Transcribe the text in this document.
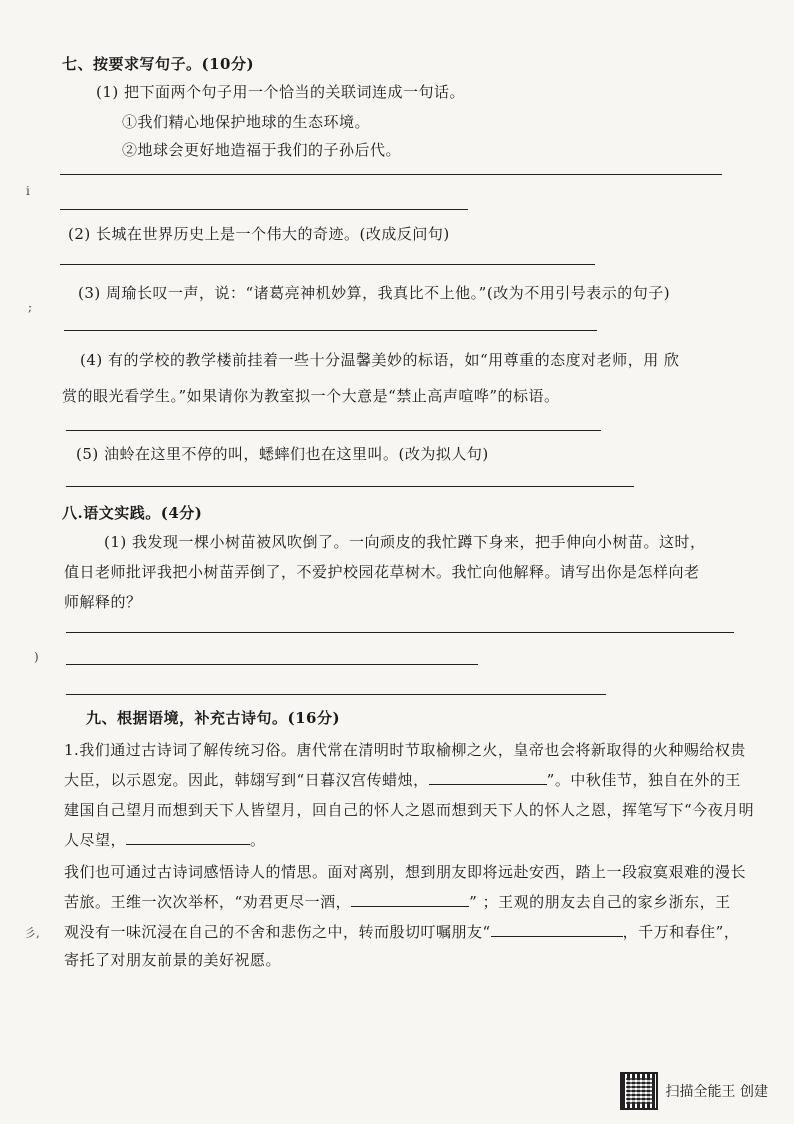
七、按要求写句子。(10分)
(1) 把下面两个句子用一个恰当的关联词连成一句话。
①我们精心地保护地球的生态环境。
②地球会更好地造福于我们的子孙后代。
(2) 长城在世界历史上是一个伟大的奇迹。(改成反问句)
(3) 周瑜长叹一声，说：“诸葛亮神机妙算，我真比不上他。”(改为不用引号表示的句子)
(4) 有的学校的教学楼前挂着一些十分温馨美妙的标语，如“用尊重的态度对老师，用 欣
赏的眼光看学生。”如果请你为教室拟一个大意是“禁止高声喧哗”的标语。
(5) 油蛉在这里不停的叫，蟋蟀们也在这里叫。(改为拟人句)
八.语文实践。(4分)
(1) 我发现一棵小树苗被风吹倒了。一向顽皮的我忙蹲下身来，把手伸向小树苗。这时，
值日老师批评我把小树苗弄倒了，不爱护校园花草树木。我忙向他解释。请写出你是怎样向老
师解释的？
九、根据语境，补充古诗句。(16分)
1.我们通过古诗词了解传统习俗。唐代常在清明时节取榆柳之火，皇帝也会将新取得的火种赐给权贵
大臣，以示恩宠。因此，韩翃写到“日暮汉宫传蜡烛，	”。中秋佳节，独自在外的王
建国自己望月而想到天下人皆望月，回自己的怀人之恩而想到天下人的怀人之恩，挥笔写下“今夜月明
人尽望，	。
我们也可通过古诗词感悟诗人的情思。面对离别，想到朋友即将远赴安西，踏上一段寂寞艰难的漫长
苦旅。王维一次次举杯，“劝君更尽一酒，	” ；王观的朋友去自己的家乡浙东，王
观没有一味沉浸在自己的不舍和悲伤之中，转而殷切叮嘱朋友“	，千万和春住”，
寄托了对朋友前景的美好祝愿。
i
;
)
彡,
扫描全能王 创建
